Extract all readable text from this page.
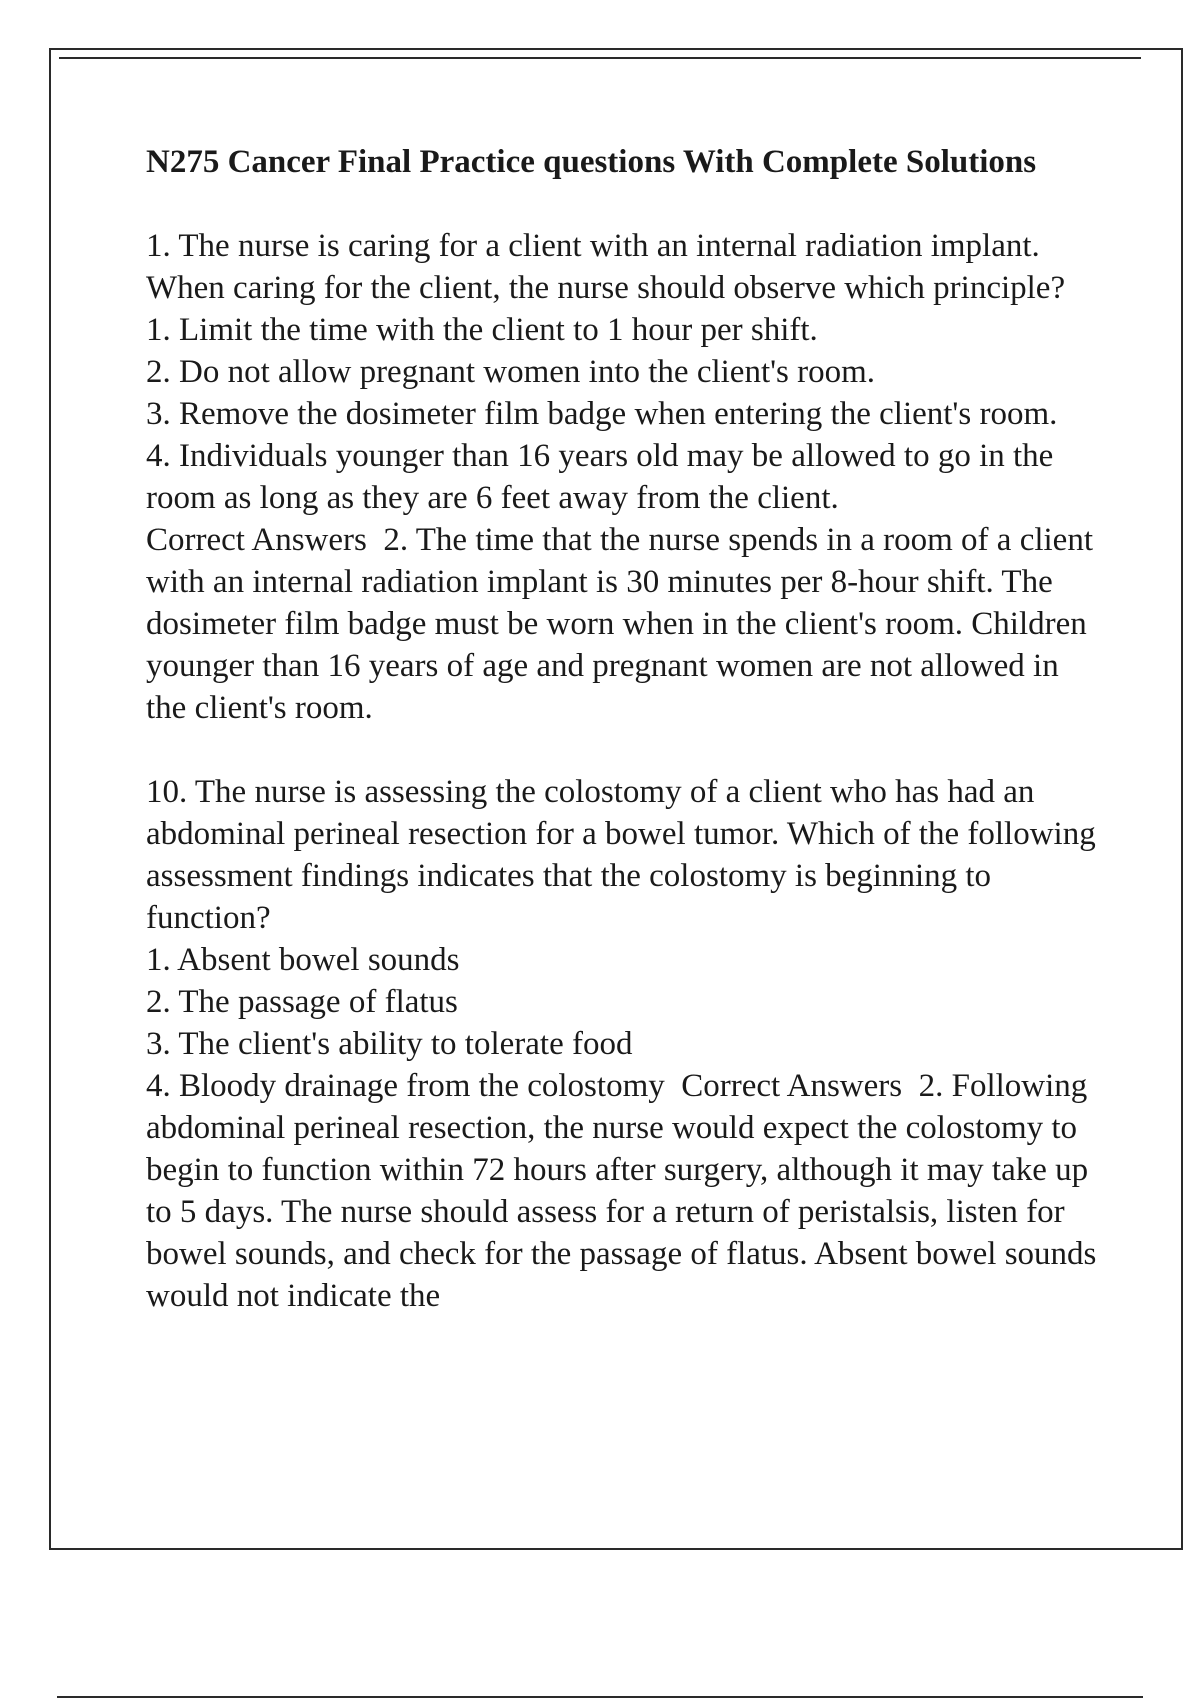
N275 Cancer Final Practice questions With Complete Solutions
1. The nurse is caring for a client with an internal radiation implant. When caring for the client, the nurse should observe which principle?
1. Limit the time with the client to 1 hour per shift.
2. Do not allow pregnant women into the client's room.
3. Remove the dosimeter film badge when entering the client's room.
4. Individuals younger than 16 years old may be allowed to go in the room as long as they are 6 feet away from the client.
Correct Answers  2. The time that the nurse spends in a room of a client with an internal radiation implant is 30 minutes per 8-hour shift. The dosimeter film badge must be worn when in the client's room. Children younger than 16 years of age and pregnant women are not allowed in the client's room.
10. The nurse is assessing the colostomy of a client who has had an abdominal perineal resection for a bowel tumor. Which of the following assessment findings indicates that the colostomy is beginning to function?
1. Absent bowel sounds
2. The passage of flatus
3. The client's ability to tolerate food
4. Bloody drainage from the colostomy Correct Answers  2. Following abdominal perineal resection, the nurse would expect the colostomy to begin to function within 72 hours after surgery, although it may take up to 5 days. The nurse should assess for a return of peristalsis, listen for bowel sounds, and check for the passage of flatus. Absent bowel sounds would not indicate the
